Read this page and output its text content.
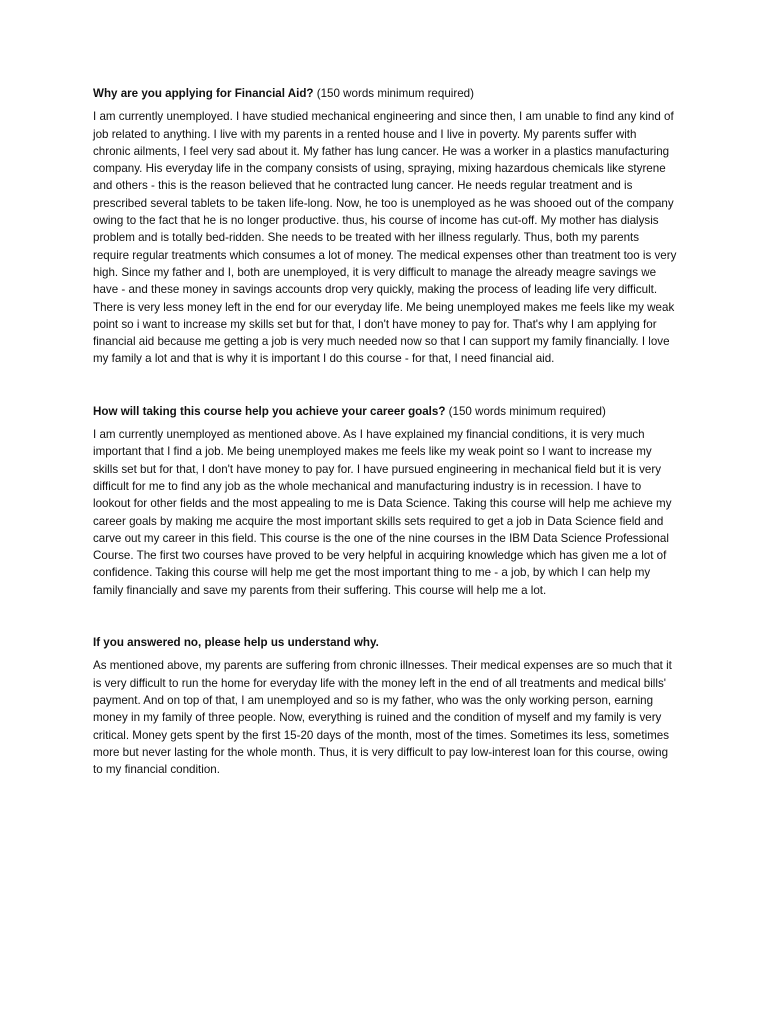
Why are you applying for Financial Aid? (150 words minimum required)

I am currently unemployed. I have studied mechanical engineering and since then, I am unable to find any kind of job related to anything. I live with my parents in a rented house and I live in poverty. My parents suffer with chronic ailments, I feel very sad about it. My father has lung cancer. He was a worker in a plastics manufacturing company. His everyday life in the company consists of using, spraying, mixing hazardous chemicals like styrene and others - this is the reason believed that he contracted lung cancer. He needs regular treatment and is prescribed several tablets to be taken life-long. Now, he too is unemployed as he was shooed out of the company owing to the fact that he is no longer productive. thus, his course of income has cut-off. My mother has dialysis problem and is totally bed-ridden. She needs to be treated with her illness regularly. Thus, both my parents require regular treatments which consumes a lot of money. The medical expenses other than treatment too is very high. Since my father and I, both are unemployed, it is very difficult to manage the already meagre savings we have - and these money in savings accounts drop very quickly, making the process of leading life very difficult. There is very less money left in the end for our everyday life. Me being unemployed makes me feels like my weak point so i want to increase my skills set but for that, I don't have money to pay for. That's why I am applying for financial aid because me getting a job is very much needed now so that I can support my family financially. I love my family a lot and that is why it is important I do this course - for that, I need financial aid.

How will taking this course help you achieve your career goals? (150 words minimum required)

I am currently unemployed as mentioned above. As I have explained my financial conditions, it is very much important that I find a job. Me being unemployed makes me feels like my weak point so I want to increase my skills set but for that, I don't have money to pay for. I have pursued engineering in mechanical field but it is very difficult for me to find any job as the whole mechanical and manufacturing industry is in recession. I have to lookout for other fields and the most appealing to me is Data Science. Taking this course will help me achieve my career goals by making me acquire the most important skills sets required to get a job in Data Science field and carve out my career in this field. This course is the one of the nine courses in the IBM Data Science Professional Course. The first two courses have proved to be very helpful in acquiring knowledge which has given me a lot of confidence. Taking this course will help me get the most important thing to me - a job, by which I can help my family financially and save my parents from their suffering. This course will help me a lot.

If you answered no, please help us understand why.

As mentioned above, my parents are suffering from chronic illnesses. Their medical expenses are so much that it is very difficult to run the home for everyday life with the money left in the end of all treatments and medical bills' payment. And on top of that, I am unemployed and so is my father, who was the only working person, earning money in my family of three people. Now, everything is ruined and the condition of myself and my family is very critical. Money gets spent by the first 15-20 days of the month, most of the times. Sometimes its less, sometimes more but never lasting for the whole month. Thus, it is very difficult to pay low-interest loan for this course, owing to my financial condition.
